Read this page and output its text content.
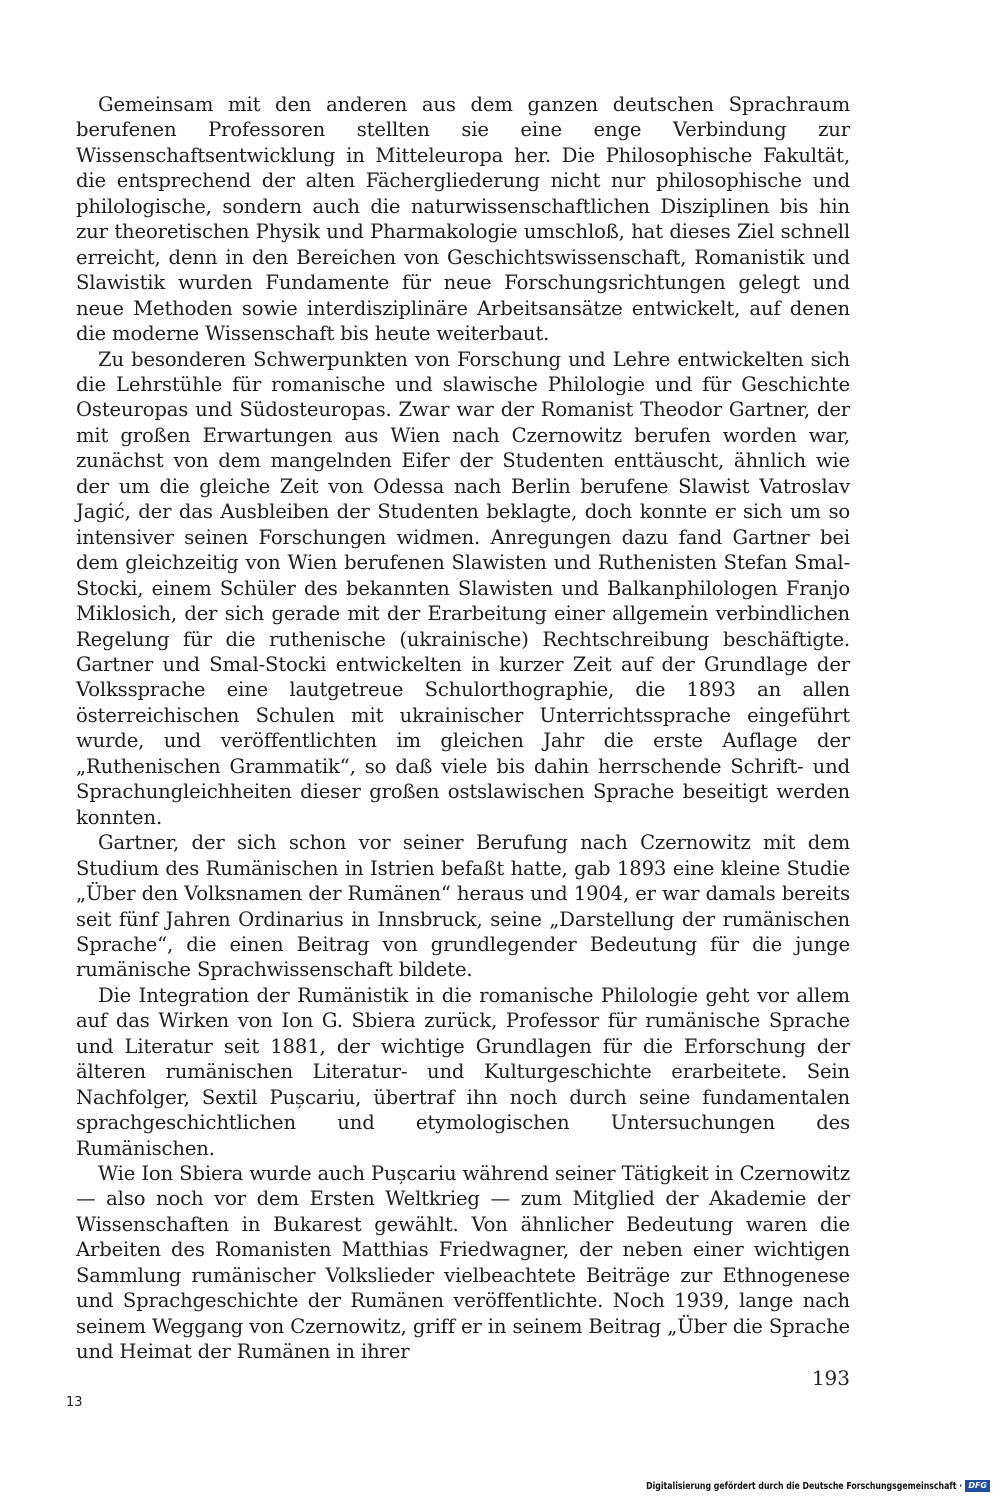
Gemeinsam mit den anderen aus dem ganzen deutschen Sprachraum berufenen Professoren stellten sie eine enge Verbindung zur Wissenschaftsentwicklung in Mitteleuropa her. Die Philosophische Fakultät, die entsprechend der alten Fächergliederung nicht nur philosophische und philologische, sondern auch die naturwissenschaftlichen Disziplinen bis hin zur theoretischen Physik und Pharmakologie umschloß, hat dieses Ziel schnell erreicht, denn in den Bereichen von Geschichtswissenschaft, Romanistik und Slawistik wurden Fundamente für neue Forschungsrichtungen gelegt und neue Methoden sowie interdisziplinäre Arbeitsansätze entwickelt, auf denen die moderne Wissenschaft bis heute weiterbaut.

Zu besonderen Schwerpunkten von Forschung und Lehre entwickelten sich die Lehrstühle für romanische und slawische Philologie und für Geschichte Osteuropas und Südosteuropas. Zwar war der Romanist Theodor Gartner, der mit großen Erwartungen aus Wien nach Czernowitz berufen worden war, zunächst von dem mangelnden Eifer der Studenten enttäuscht, ähnlich wie der um die gleiche Zeit von Odessa nach Berlin berufene Slawist Vatroslav Jagić, der das Ausbleiben der Studenten beklagte, doch konnte er sich um so intensiver seinen Forschungen widmen. Anregungen dazu fand Gartner bei dem gleichzeitig von Wien berufenen Slawisten und Ruthenisten Stefan Smal-Stocki, einem Schüler des bekannten Slawisten und Balkanphilologen Franjo Miklosich, der sich gerade mit der Erarbeitung einer allgemein verbindlichen Regelung für die ruthenische (ukrainische) Rechtschreibung beschäftigte. Gartner und Smal-Stocki entwickelten in kurzer Zeit auf der Grundlage der Volkssprache eine lautgetreue Schulorthographie, die 1893 an allen österreichischen Schulen mit ukrainischer Unterrichtssprache eingeführt wurde, und veröffentlichten im gleichen Jahr die erste Auflage der „Ruthenischen Grammatik“, so daß viele bis dahin herrschende Schrift- und Sprachungleichheiten dieser großen ostslawischen Sprache beseitigt werden konnten.

Gartner, der sich schon vor seiner Berufung nach Czernowitz mit dem Studium des Rumänischen in Istrien befaßt hatte, gab 1893 eine kleine Studie „Über den Volksnamen der Rumänen“ heraus und 1904, er war damals bereits seit fünf Jahren Ordinarius in Innsbruck, seine „Darstellung der rumänischen Sprache“, die einen Beitrag von grundlegender Bedeutung für die junge rumänische Sprachwissenschaft bildete.

Die Integration der Rumänistik in die romanische Philologie geht vor allem auf das Wirken von Ion G. Sbiera zurück, Professor für rumänische Sprache und Literatur seit 1881, der wichtige Grundlagen für die Erforschung der älteren rumänischen Literatur- und Kulturgeschichte erarbeitete. Sein Nachfolger, Sextil Pușcariu, übertraf ihn noch durch seine fundamentalen sprachgeschichtlichen und etymologischen Untersuchungen des Rumänischen.

Wie Ion Sbiera wurde auch Pușcariu während seiner Tätigkeit in Czernowitz — also noch vor dem Ersten Weltkrieg — zum Mitglied der Akademie der Wissenschaften in Bukarest gewählt. Von ähnlicher Bedeutung waren die Arbeiten des Romanisten Matthias Friedwagner, der neben einer wichtigen Sammlung rumänischer Volkslieder vielbeachtete Beiträge zur Ethnogenese und Sprachgeschichte der Rumänen veröffentlichte. Noch 1939, lange nach seinem Weggang von Czernowitz, griff er in seinem Beitrag „Über die Sprache und Heimat der Rumänen in ihrer

193
13
Digitalisierung gefördert durch die Deutsche Forschungsgemeinschaft · DFG
